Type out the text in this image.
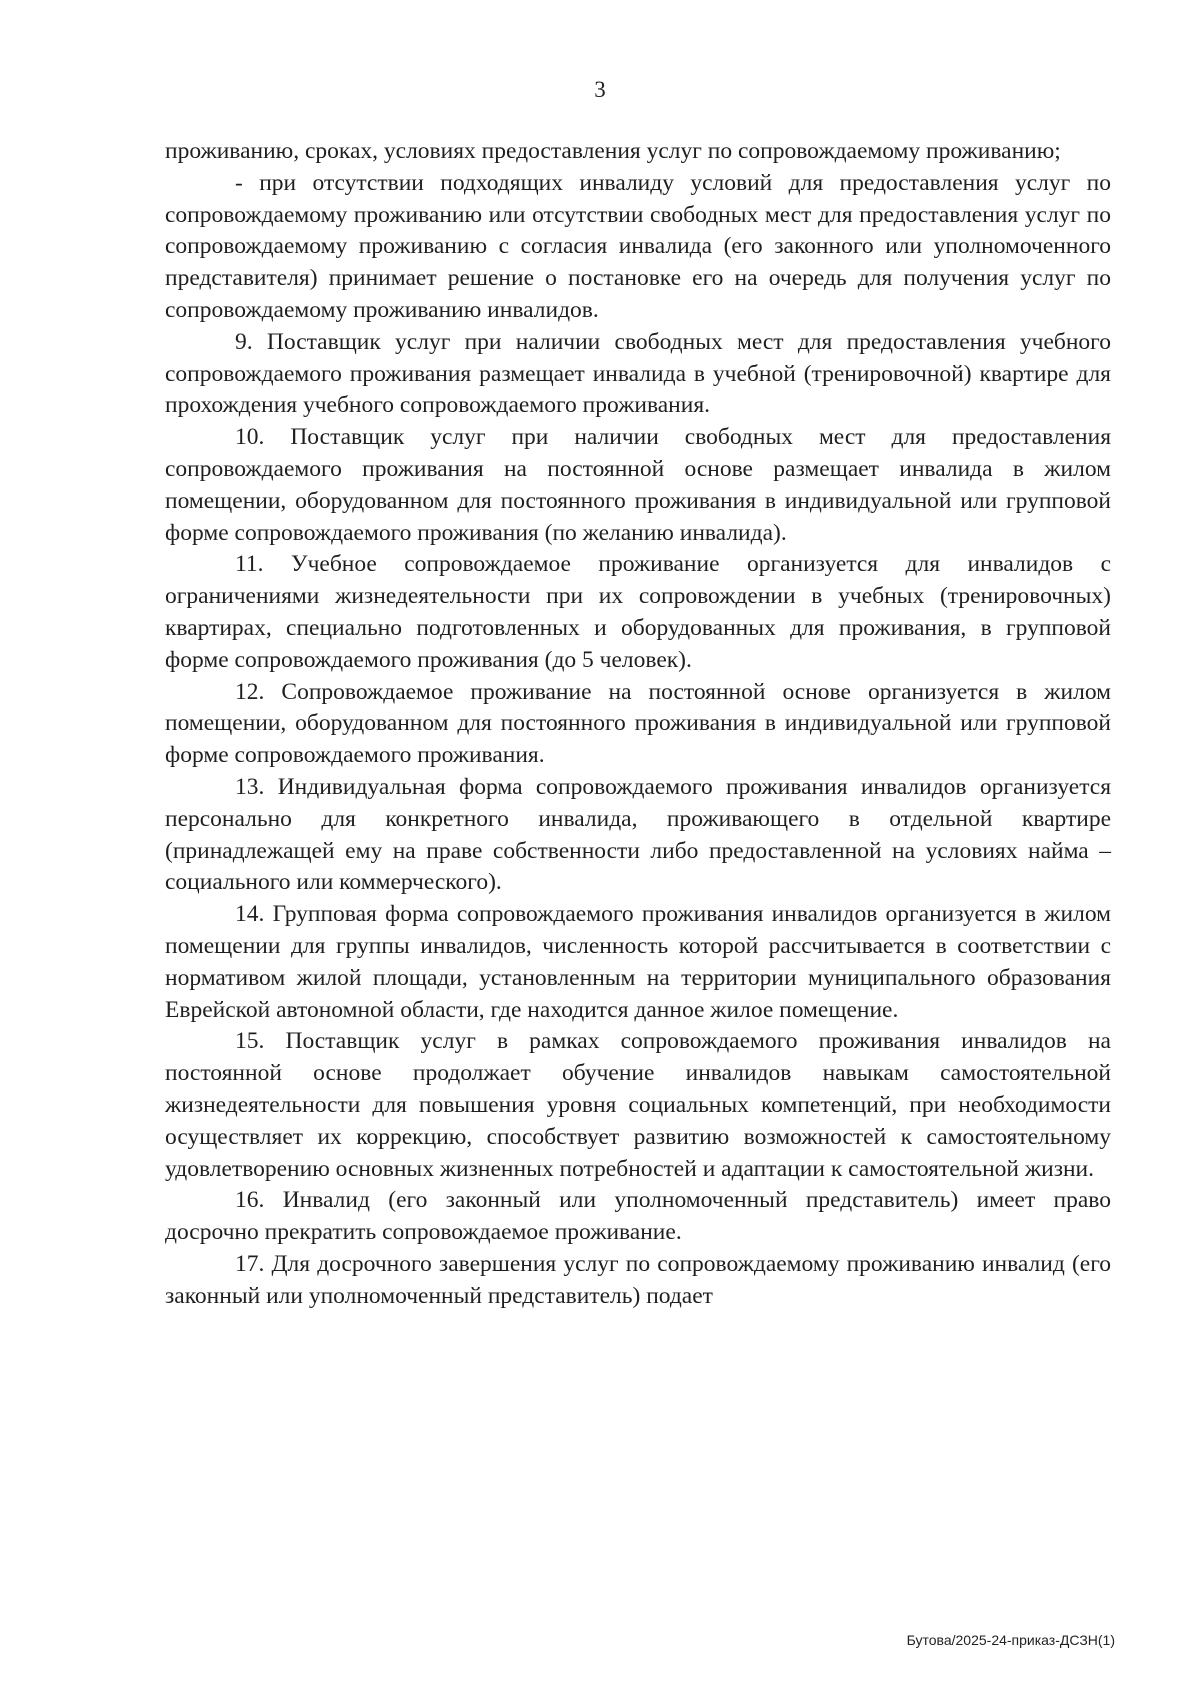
3

проживанию, сроках, условиях предоставления услуг по сопровождаемому проживанию;

- при отсутствии подходящих инвалиду условий для предоставления услуг по сопровождаемому проживанию или отсутствии свободных мест для предоставления услуг по сопровождаемому проживанию с согласия инвалида (его законного или уполномоченного представителя) принимает решение о постановке его на очередь для получения услуг по сопровождаемому проживанию инвалидов.

9. Поставщик услуг при наличии свободных мест для предоставления учебного сопровождаемого проживания размещает инвалида в учебной (тренировочной) квартире для прохождения учебного сопровождаемого проживания.

10. Поставщик услуг при наличии свободных мест для предоставления сопровождаемого проживания на постоянной основе размещает инвалида в жилом помещении, оборудованном для постоянного проживания в индивидуальной или групповой форме сопровождаемого проживания (по желанию инвалида).

11. Учебное сопровождаемое проживание организуется для инвалидов с ограничениями жизнедеятельности при их сопровождении в учебных (тренировочных) квартирах, специально подготовленных и оборудованных для проживания, в групповой форме сопровождаемого проживания (до 5 человек).

12. Сопровождаемое проживание на постоянной основе организуется в жилом помещении, оборудованном для постоянного проживания в индивидуальной или групповой форме сопровождаемого проживания.

13. Индивидуальная форма сопровождаемого проживания инвалидов организуется персонально для конкретного инвалида, проживающего в отдельной квартире (принадлежащей ему на праве собственности либо предоставленной на условиях найма – социального или коммерческого).

14. Групповая форма сопровождаемого проживания инвалидов организуется в жилом помещении для группы инвалидов, численность которой рассчитывается в соответствии с нормативом жилой площади, установленным на территории муниципального образования Еврейской автономной области, где находится данное жилое помещение.

15. Поставщик услуг в рамках сопровождаемого проживания инвалидов на постоянной основе продолжает обучение инвалидов навыкам самостоятельной жизнедеятельности для повышения уровня социальных компетенций, при необходимости осуществляет их коррекцию, способствует развитию возможностей к самостоятельному удовлетворению основных жизненных потребностей и адаптации к самостоятельной жизни.

16. Инвалид (его законный или уполномоченный представитель) имеет право досрочно прекратить сопровождаемое проживание.

17. Для досрочного завершения услуг по сопровождаемому проживанию инвалид (его законный или уполномоченный представитель) подает

Бутова/2025-24-приказ-ДСЗН(1)
